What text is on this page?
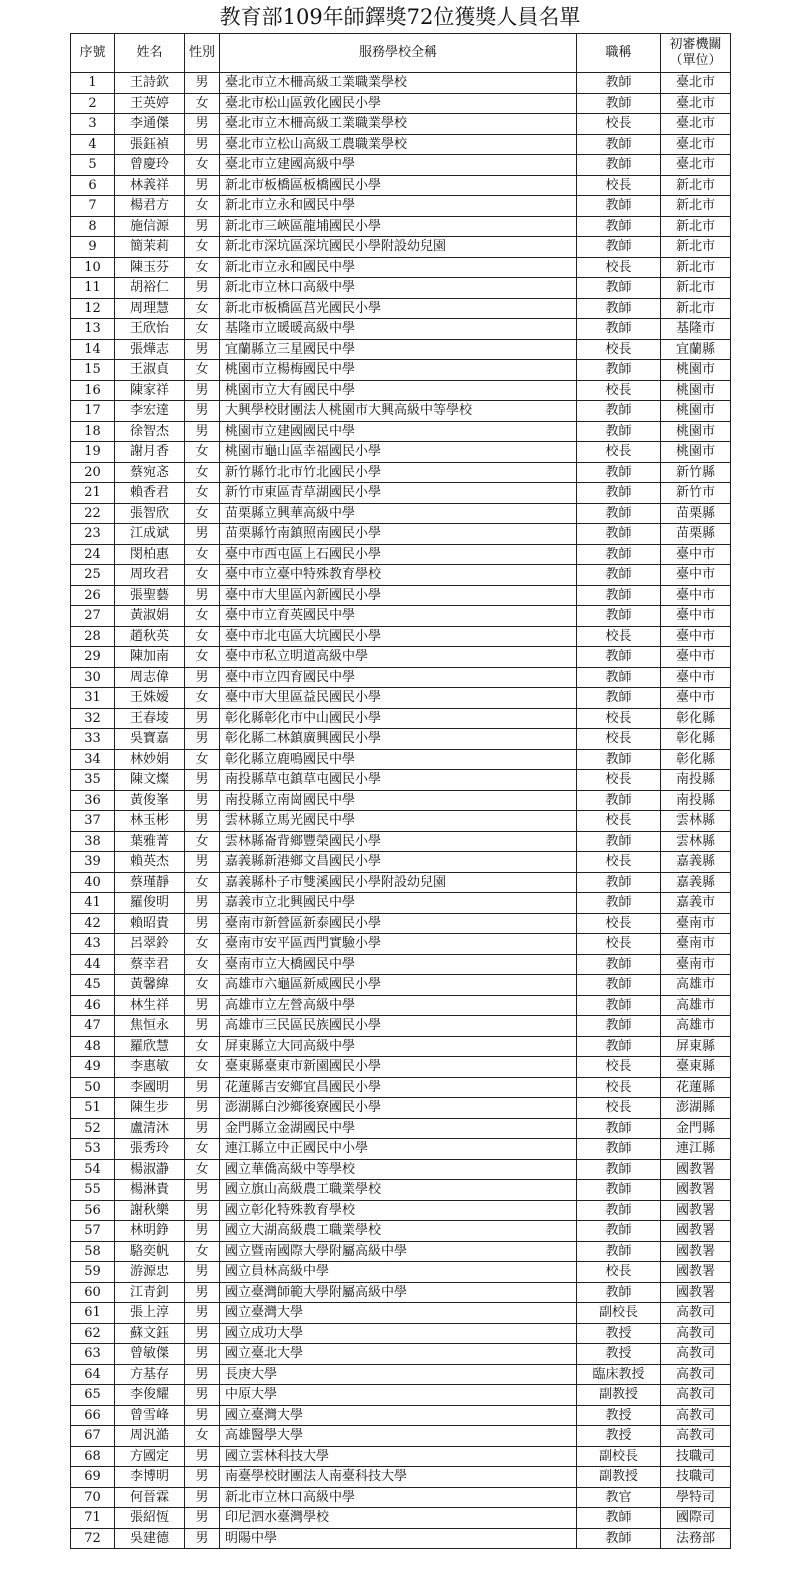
教育部109年師鐸獎72位獲獎人員名單
序號	姓名	性別	服務學校全稱	職稱	初審機關
（單位）

1	王詩欽	男	臺北市立木柵高級工業職業學校	教師	臺北市
2	王英婷	女	臺北市松山區敦化國民小學	教師	臺北市
3	李通傑	男	臺北市立木柵高級工業職業學校	校長	臺北市
4	張鈺禎	男	臺北市立松山高級工農職業學校	教師	臺北市
5	曾慶玲	女	臺北市立建國高級中學	教師	臺北市
6	林義祥	男	新北市板橋區板橋國民小學	校長	新北市
7	楊君方	女	新北市立永和國民中學	教師	新北市
8	施信源	男	新北市三峽區龍埔國民小學	教師	新北市
9	簡茉莉	女	新北市深坑區深坑國民小學附設幼兒園	教師	新北市
10	陳玉芬	女	新北市立永和國民中學	校長	新北市
11	胡裕仁	男	新北市立林口高級中學	教師	新北市
12	周理慧	女	新北市板橋區莒光國民小學	教師	新北市
13	王欣怡	女	基隆市立暖暖高級中學	教師	基隆市
14	張燁志	男	宜蘭縣立三星國民中學	校長	宜蘭縣
15	王淑貞	女	桃園市立楊梅國民中學	教師	桃園市
16	陳家祥	男	桃園市立大有國民中學	校長	桃園市
17	李宏達	男	大興學校財團法人桃園市大興高級中等學校	教師	桃園市
18	徐智杰	男	桃園市立建國國民中學	教師	桃園市
19	謝月香	女	桃園市龜山區幸福國民小學	校長	桃園市
20	蔡宛忞	女	新竹縣竹北市竹北國民小學	教師	新竹縣
21	賴香君	女	新竹市東區青草湖國民小學	教師	新竹市
22	張智欣	女	苗栗縣立興華高級中學	教師	苗栗縣
23	江成斌	男	苗栗縣竹南鎮照南國民小學	教師	苗栗縣
24	閔柏惠	女	臺中市西屯區上石國民小學	教師	臺中市
25	周玫君	女	臺中市立臺中特殊教育學校	教師	臺中市
26	張聖藝	男	臺中市大里區內新國民小學	教師	臺中市
27	黃淑娟	女	臺中市立育英國民中學	教師	臺中市
28	趙秋英	女	臺中市北屯區大坑國民小學	校長	臺中市
29	陳加南	女	臺中市私立明道高級中學	教師	臺中市
30	周志偉	男	臺中市立四育國民中學	教師	臺中市
31	王姝嫒	女	臺中市大里區益民國民小學	教師	臺中市
32	王春堎	男	彰化縣彰化市中山國民小學	校長	彰化縣
33	吳寶嘉	男	彰化縣二林鎮廣興國民小學	校長	彰化縣
34	林妙娟	女	彰化縣立鹿鳴國民中學	教師	彰化縣
35	陳文燦	男	南投縣草屯鎮草屯國民小學	校長	南投縣
36	黃俊峯	男	南投縣立南崗國民中學	教師	南投縣
37	林玉彬	男	雲林縣立馬光國民中學	校長	雲林縣
38	葉雅菁	女	雲林縣崙背鄉豐榮國民小學	教師	雲林縣
39	賴英杰	男	嘉義縣新港鄉文昌國民小學	校長	嘉義縣
40	蔡瑾靜	女	嘉義縣朴子市雙溪國民小學附設幼兒園	教師	嘉義縣
41	羅俊明	男	嘉義市立北興國民中學	教師	嘉義市
42	賴昭貴	男	臺南市新營區新泰國民小學	校長	臺南市
43	呂翠鈴	女	臺南市安平區西門實驗小學	校長	臺南市
44	蔡幸君	女	臺南市立大橋國民中學	教師	臺南市
45	黃馨緯	女	高雄市六龜區新威國民小學	教師	高雄市
46	林生祥	男	高雄市立左營高級中學	教師	高雄市
47	焦恒永	男	高雄市三民區民族國民小學	教師	高雄市
48	羅欣慧	女	屏東縣立大同高級中學	教師	屏東縣
49	李惠敏	女	臺東縣臺東市新園國民小學	校長	臺東縣
50	李國明	男	花蓮縣吉安鄉宜昌國民小學	校長	花蓮縣
51	陳生步	男	澎湖縣白沙鄉後寮國民小學	校長	澎湖縣
52	盧清沐	男	金門縣立金湖國民中學	教師	金門縣
53	張秀玲	女	連江縣立中正國民中小學	教師	連江縣
54	楊淑瀞	女	國立華僑高級中等學校	教師	國教署
55	楊淋貴	男	國立旗山高級農工職業學校	教師	國教署
56	謝秋樂	男	國立彰化特殊教育學校	教師	國教署
57	林明錚	男	國立大湖高級農工職業學校	教師	國教署
58	駱奕帆	女	國立暨南國際大學附屬高級中學	教師	國教署
59	游源忠	男	國立員林高級中學	校長	國教署
60	江青釗	男	國立臺灣師範大學附屬高級中學	教師	國教署
61	張上淳	男	國立臺灣大學	副校長	高教司
62	蘇文鈺	男	國立成功大學	教授	高教司
63	曾敏傑	男	國立臺北大學	教授	高教司
64	方基存	男	長庚大學	臨床教授	高教司
65	李俊耀	男	中原大學	副教授	高教司
66	曾雪峰	男	國立臺灣大學	教授	高教司
67	周汎澔	女	高雄醫學大學	教授	高教司
68	方國定	男	國立雲林科技大學	副校長	技職司
69	李博明	男	南臺學校財團法人南臺科技大學	副教授	技職司
70	何晉霖	男	新北市立林口高級中學	教官	學特司
71	張紹恆	男	印尼泗水臺灣學校	教師	國際司
72	吳建德	男	明陽中學	教師	法務部
